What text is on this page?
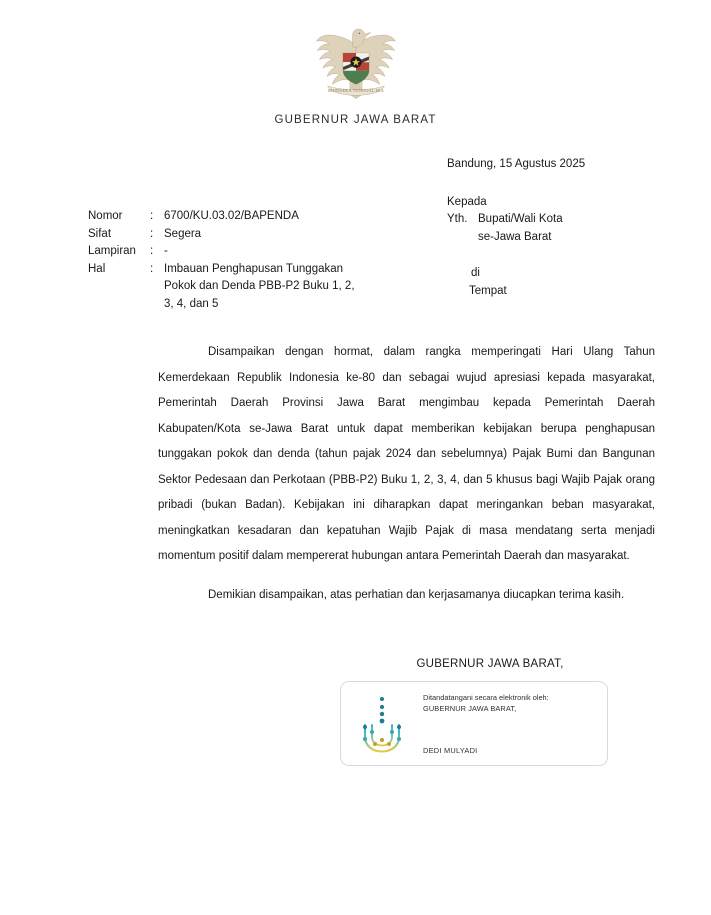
BHINNEKA TUNGGAL IKA
GUBERNUR JAWA BARAT
Nomor	: 6700/KU.03.02/BAPENDA
Sifat	: Segera
Lampiran	: -
Hal	: Imbauan Penghapusan Tunggakan
Pokok dan Denda PBB-P2 Buku 1, 2,
3, 4, dan 5
Bandung, 15 Agustus 2025
Kepada
Yth. Bupati/Wali Kota
se-Jawa Barat
di
Tempat

Disampaikan dengan hormat, dalam rangka memperingati Hari Ulang Tahun Kemerdekaan Republik Indonesia ke-80 dan sebagai wujud apresiasi kepada masyarakat, Pemerintah Daerah Provinsi Jawa Barat mengimbau kepada Pemerintah Daerah Kabupaten/Kota se-Jawa Barat untuk dapat memberikan kebijakan berupa penghapusan tunggakan pokok dan denda (tahun pajak 2024 dan sebelumnya) Pajak Bumi dan Bangunan Sektor Pedesaan dan Perkotaan (PBB-P2) Buku 1, 2, 3, 4, dan 5 khusus bagi Wajib Pajak orang pribadi (bukan Badan). Kebijakan ini diharapkan dapat meringankan beban masyarakat, meningkatkan kesadaran dan kepatuhan Wajib Pajak di masa mendatang serta menjadi momentum positif dalam mempererat hubungan antara Pemerintah Daerah dan masyarakat.

Demikian disampaikan, atas perhatian dan kerjasamanya diucapkan terima kasih.

GUBERNUR JAWA BARAT,
Ditandatangani secara elektronik oleh:
GUBERNUR JAWA BARAT,
DEDI MULYADI
